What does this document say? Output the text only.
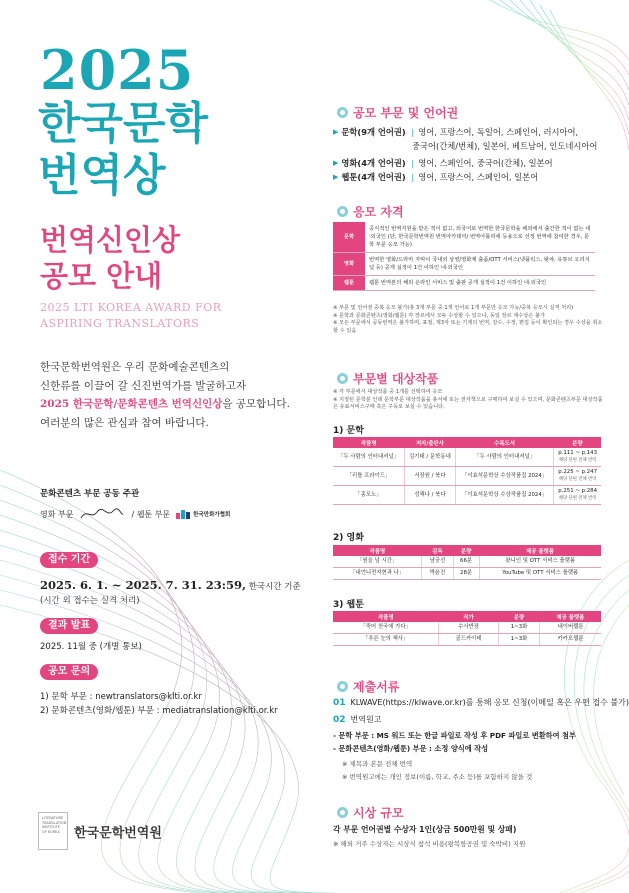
2025
한국문학
번역상
번역신인상
공모 안내
2025 LTI KOREA AWARD FOR
ASPIRING TRANSLATORS
한국문학번역원은 우리 문화예술콘텐츠의
신한류를 이끌어 갈 신진번역가를 발굴하고자
2025 한국문학/문화콘텐츠 번역신인상을 공모합니다.
여러분의 많은 관심과 참여 바랍니다.
문화콘텐츠 부문 공동 주관
영화 부문	/ 웹툰 부문	한국만화가협회
접수 기간
2025. 6. 1. ~ 2025. 7. 31. 23:59, 한국시간 기준
(시간 외 접수는 실격 처리)
결과 발표
2025. 11월 중 (개별 통보)
공모 문의
1) 문학 부문 : newtranslators@klti.or.kr
2) 문화콘텐츠(영화/웹툰) 부문 : mediatranslation@klti.or.kr
LITERATURE TRANSLATION INSTITUTE OF KOREA	한국문학번역원
공모 부문 및 언어권
▶ 문학(9개 언어권) | 영어, 프랑스어, 독일어, 스페인어, 러시아어,
중국어(간체/번체), 일본어, 베트남어, 인도네시아어
▶ 영화(4개 언어권) | 영어, 스페인어, 중국어(간체), 일본어
▶ 웹툰(4개 언어권) | 영어, 프랑스어, 스페인어, 일본어
응모 자격
문학	공식적인 번역지원을 받은 적이 없고, 외국어로 번역한 한국문학을 해외에서 출간한 적이 없는 내·외국인 (단, 한국문학번역원 번역아카데미/ 번역아틀리에 등용으로 선정 번역에 참여한 경우, 문학 부문 응모 가능)
영화	번역한 영화/드라마 자막이 국내외 상영/영화제 출품/OTT 서비스(넷플릭스, 왓챠, 유튜브 오리지널 등) 공개 실적이 1건 이하인 내·외국인
웹툰	웹툰 번역본의 해외 온라인 서비스 및 출판 공개 실적이 1건 이하인 내·외국인
※ 부문 및 언어권 중복 응모 불가(총 3개 부문 중 1개 언어로 1개 부문만 응모 가능/중복 응모시 실격 처리)
※ 문학과 문화콘텐츠(영화/웹툰) 각 장르에서 모두 수상할 수 있으나, 동일 장르 재수상은 불가
※ 모든 부문에서 공동번역은 불가하며, 표절, 제3자 또는 기계의 번역, 감수, 수정, 편집 등이 확인되는 경우 수상을 취소할 수 있음
부문별 대상작품
※ 각 부문에서 대상작품 중 1개를 선택하여 응모
※ 지정된 문학분 인데 문학부문 대상작품을 총서에 또는 전자책으로 구매하여 보실 수 있으며, 문화콘텐츠부문 대상작품은 유료서비스구매 혹은 구독로 보실 수 있습니다.
1) 문학
작품명	저자/출판사	수록도서	분량
「두 사람의 인터내셔널」	김기태 / 문학동네	「두 사람의 인터내셔널」	p.111 ~ p.143
해당 단편 전체 번역

「리틀 프라이드」	서장원 / 북다	「이효석문학상 수상작품집 2024」	p.225 ~ p.247
해당 단편 전체 번역

「홍모노」	성해나 / 북다	「이효석문학상 수상작품집 2024」	p.251 ~ p.284
해당 단편 전체 번역
2) 영화
작품명	감독	분량	제공 플랫폼
「원을 넘 시간」	남궁선	66분	왓니인 및 OTT 서비스 플랫폼
「내언니전지현과 나」	박윤진	28분	YouTube 및 OTT 서비스 플랫폼
3) 웹툰
작품명	작가	분량	제공 플랫폼
「죽어 천국에 가다」	수사반장	1~3화	네이버웹툰
「푸른 눈의 책사」	골드카이테	1~3화	카카오웹툰
제출서류
01 KLWAVE(https://klwave.or.kr)를 통해 응모 신청(이메일 혹은 우편 접수 불가)
02 번역원고
- 문학 부문 : MS 워드 또는 한글 파일로 작성 후 PDF 파일로 변환하여 첨부
- 문화콘텐츠(영화/웹툰) 부문 : 소정 양식에 작성
※ 제목과 본문 전체 번역
※ 번역원고에는 개인 정보(이름, 학교, 주소 등)를 포함하지 않을 것
시상 규모
각 부문 언어권별 수상자 1인(상금 500만원 및 상패)
※ 해외 거주 수상자는 시상식 참석 비용(왕복항공권 및 숙박비) 지원
